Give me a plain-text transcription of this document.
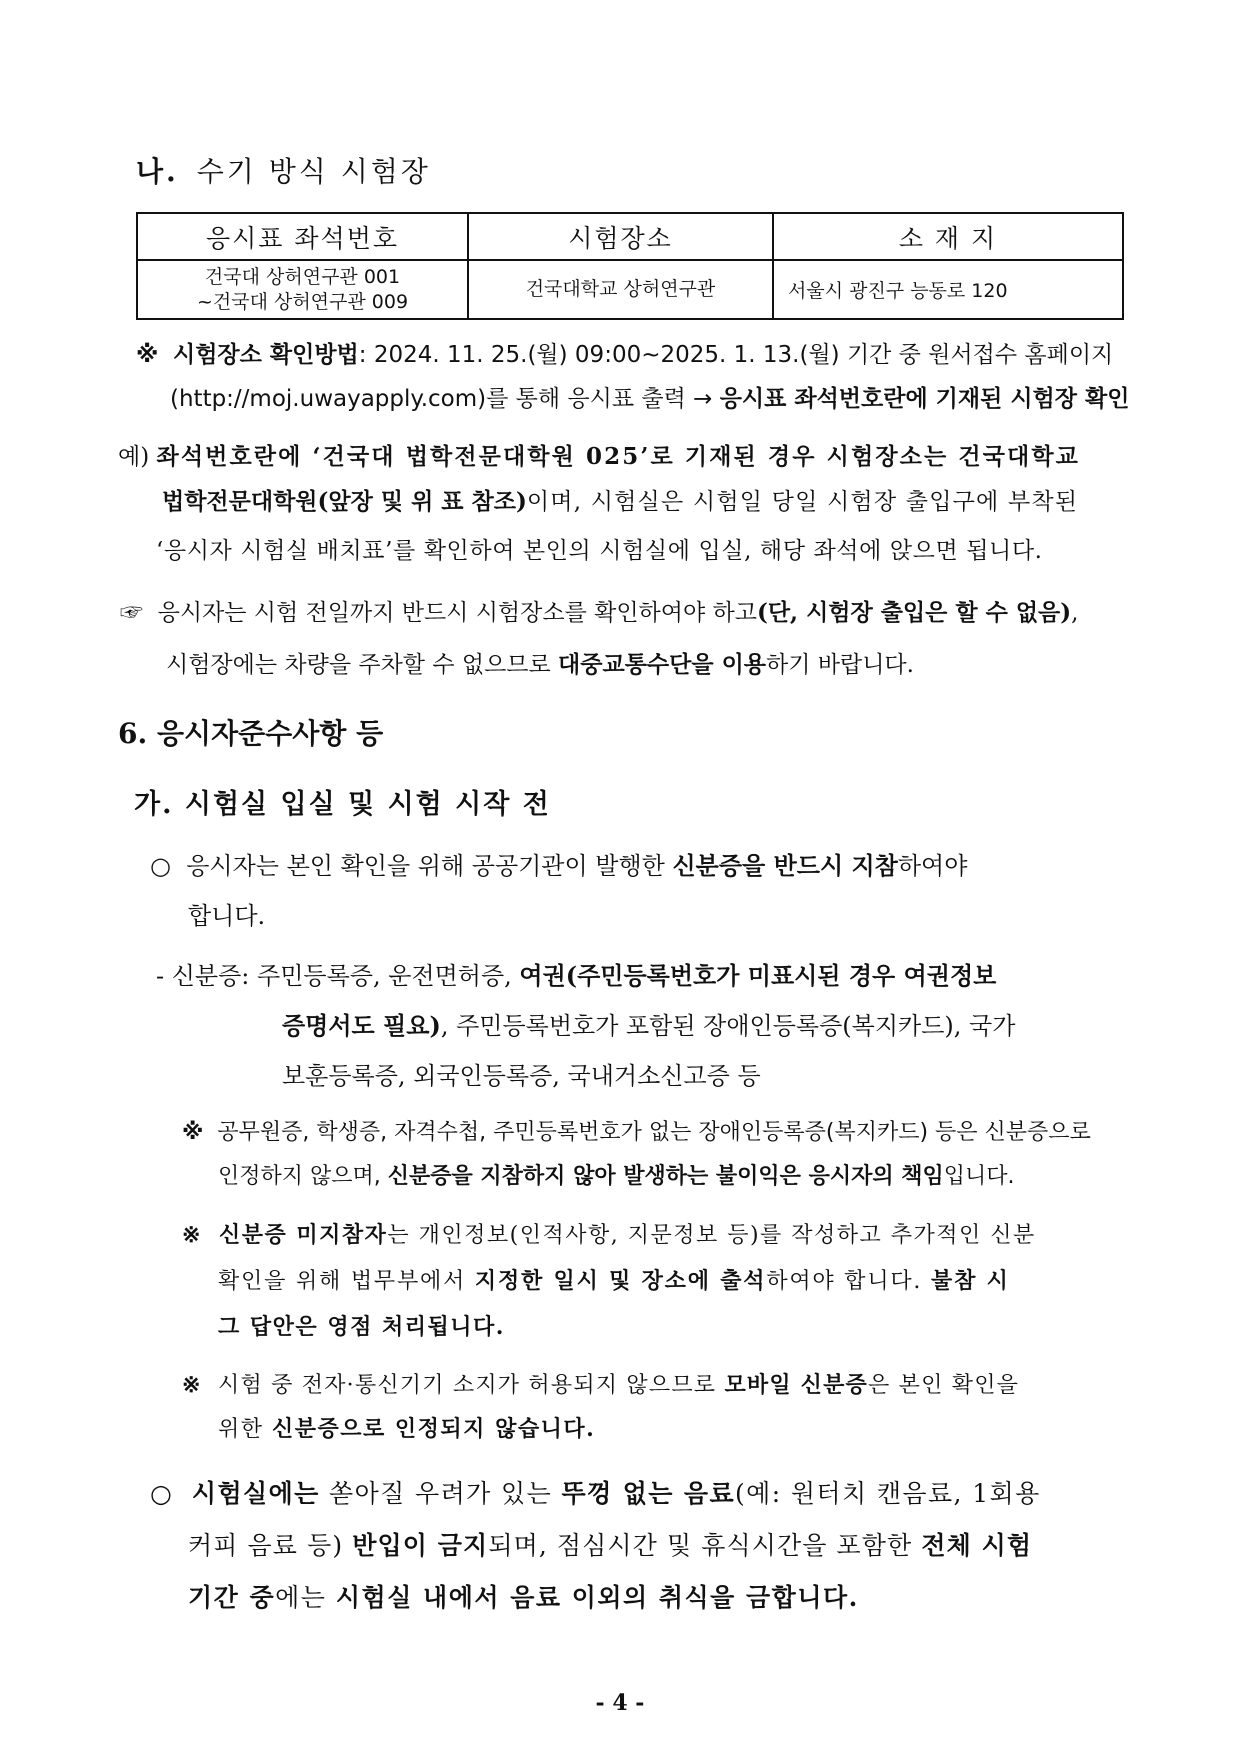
나. 수기 방식 시험장
응시표 좌석번호	시험장소	소 재 지

건국대 상허연구관 001
~건국대 상허연구관 009	건국대학교 상허연구관	서울시 광진구 능동로 120
※ 시험장소 확인방법: 2024. 11. 25.(월) 09:00~2025. 1. 13.(월) 기간 중 원서접수 홈페이지
(http://moj.uwayapply.com)를 통해 응시표 출력 → 응시표 좌석번호란에 기재된 시험장 확인
예) 좌석번호란에 ‘건국대 법학전문대학원 025’로 기재된 경우 시험장소는 건국대학교
법학전문대학원(앞장 및 위 표 참조)이며, 시험실은 시험일 당일 시험장 출입구에 부착된
‘응시자 시험실 배치표’를 확인하여 본인의 시험실에 입실, 해당 좌석에 앉으면 됩니다.
☞ 응시자는 시험 전일까지 반드시 시험장소를 확인하여야 하고(단, 시험장 출입은 할 수 없음),
시험장에는 차량을 주차할 수 없으므로 대중교통수단을 이용하기 바랍니다.
6. 응시자준수사항 등
가. 시험실 입실 및 시험 시작 전
○ 응시자는 본인 확인을 위해 공공기관이 발행한 신분증을 반드시 지참하여야
합니다.
- 신분증: 주민등록증, 운전면허증, 여권(주민등록번호가 미표시된 경우 여권정보
증명서도 필요), 주민등록번호가 포함된 장애인등록증(복지카드), 국가
보훈등록증, 외국인등록증, 국내거소신고증 등
※ 공무원증, 학생증, 자격수첩, 주민등록번호가 없는 장애인등록증(복지카드) 등은 신분증으로
인정하지 않으며, 신분증을 지참하지 않아 발생하는 불이익은 응시자의 책임입니다.
※ 신분증 미지참자는 개인정보(인적사항, 지문정보 등)를 작성하고 추가적인 신분
확인을 위해 법무부에서 지정한 일시 및 장소에 출석하여야 합니다. 불참 시
그 답안은 영점 처리됩니다.
※ 시험 중 전자·통신기기 소지가 허용되지 않으므로 모바일 신분증은 본인 확인을
위한 신분증으로 인정되지 않습니다.
○ 시험실에는 쏟아질 우려가 있는 뚜껑 없는 음료(예: 원터치 캔음료, 1회용
커피 음료 등) 반입이 금지되며, 점심시간 및 휴식시간을 포함한 전체 시험
기간 중에는 시험실 내에서 음료 이외의 취식을 금합니다.
- 4 -
